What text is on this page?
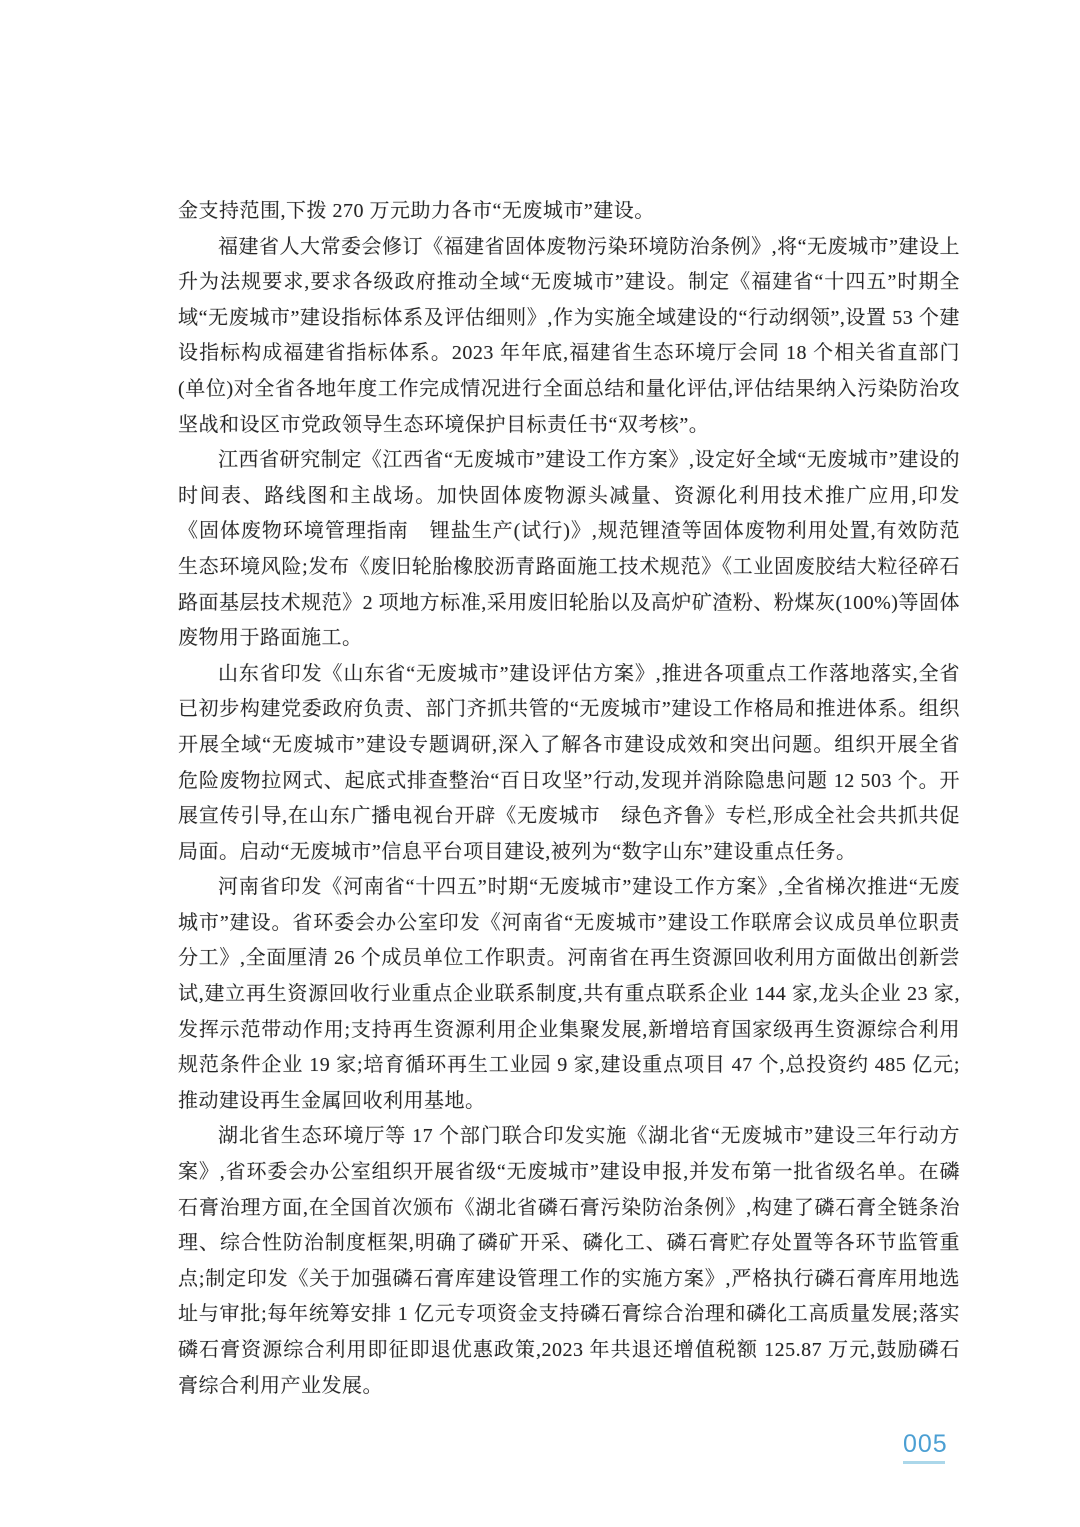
金支持范围,下拨 270 万元助力各市“无废城市”建设。

福建省人大常委会修订《福建省固体废物污染环境防治条例》,将“无废城市”建设上升为法规要求,要求各级政府推动全域“无废城市”建设。制定《福建省“十四五”时期全域“无废城市”建设指标体系及评估细则》,作为实施全域建设的“行动纲领”,设置 53 个建设指标构成福建省指标体系。2023 年年底,福建省生态环境厅会同 18 个相关省直部门(单位)对全省各地年度工作完成情况进行全面总结和量化评估,评估结果纳入污染防治攻坚战和设区市党政领导生态环境保护目标责任书“双考核”。

江西省研究制定《江西省“无废城市”建设工作方案》,设定好全域“无废城市”建设的时间表、路线图和主战场。加快固体废物源头减量、资源化利用技术推广应用,印发《固体废物环境管理指南　锂盐生产(试行)》,规范锂渣等固体废物利用处置,有效防范生态环境风险;发布《废旧轮胎橡胶沥青路面施工技术规范》《工业固废胶结大粒径碎石路面基层技术规范》2 项地方标准,采用废旧轮胎以及高炉矿渣粉、粉煤灰(100%)等固体废物用于路面施工。

山东省印发《山东省“无废城市”建设评估方案》,推进各项重点工作落地落实,全省已初步构建党委政府负责、部门齐抓共管的“无废城市”建设工作格局和推进体系。组织开展全域“无废城市”建设专题调研,深入了解各市建设成效和突出问题。组织开展全省危险废物拉网式、起底式排查整治“百日攻坚”行动,发现并消除隐患问题 12 503 个。开展宣传引导,在山东广播电视台开辟《无废城市　绿色齐鲁》专栏,形成全社会共抓共促局面。启动“无废城市”信息平台项目建设,被列为“数字山东”建设重点任务。

河南省印发《河南省“十四五”时期“无废城市”建设工作方案》,全省梯次推进“无废城市”建设。省环委会办公室印发《河南省“无废城市”建设工作联席会议成员单位职责分工》,全面厘清 26 个成员单位工作职责。河南省在再生资源回收利用方面做出创新尝试,建立再生资源回收行业重点企业联系制度,共有重点联系企业 144 家,龙头企业 23 家,发挥示范带动作用;支持再生资源利用企业集聚发展,新增培育国家级再生资源综合利用规范条件企业 19 家;培育循环再生工业园 9 家,建设重点项目 47 个,总投资约 485 亿元;推动建设再生金属回收利用基地。

湖北省生态环境厅等 17 个部门联合印发实施《湖北省“无废城市”建设三年行动方案》,省环委会办公室组织开展省级“无废城市”建设申报,并发布第一批省级名单。在磷石膏治理方面,在全国首次颁布《湖北省磷石膏污染防治条例》,构建了磷石膏全链条治理、综合性防治制度框架,明确了磷矿开采、磷化工、磷石膏贮存处置等各环节监管重点;制定印发《关于加强磷石膏库建设管理工作的实施方案》,严格执行磷石膏库用地选址与审批;每年统筹安排 1 亿元专项资金支持磷石膏综合治理和磷化工高质量发展;落实磷石膏资源综合利用即征即退优惠政策,2023 年共退还增值税额 125.87 万元,鼓励磷石膏综合利用产业发展。

005
